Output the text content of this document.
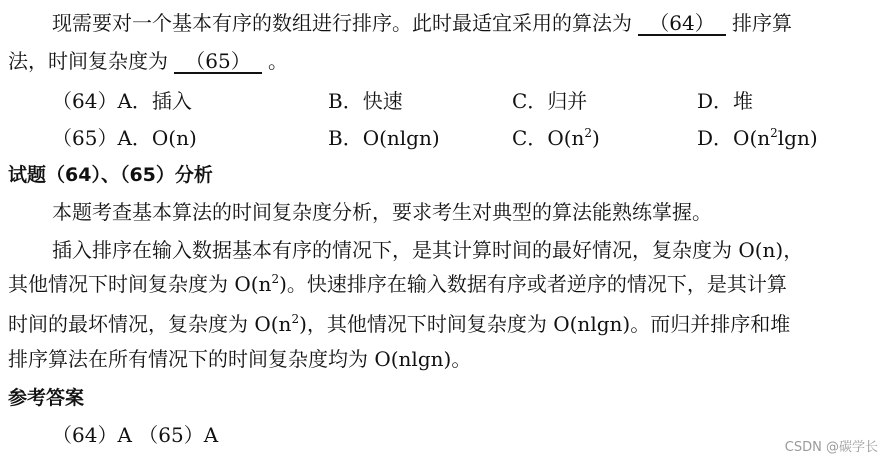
现需要对一个基本有序的数组进行排序。此时最适宜采用的算法为 （64） 排序算
法，时间复杂度为 （65） 。
（64）A．插入	B．快速	C．归并	D．堆
（65）A．O(n)	B．O(nlgn)	C．$O(n^2)$	D．$O(n^2\lg n)$
试题（64）、（65）分析
本题考查基本算法的时间复杂度分析，要求考生对典型的算法能熟练掌握。
插入排序在输入数据基本有序的情况下，是其计算时间的最好情况，复杂度为 O(n)，
其他情况下时间复杂度为 $O(n^2)$。快速排序在输入数据有序或者逆序的情况下，是其计算
时间的最坏情况，复杂度为 $O(n^2)$，其他情况下时间复杂度为 O(nlgn)。而归并排序和堆
排序算法在所有情况下的时间复杂度均为 O(nlgn)。
参考答案
（64）A （65）A
CSDN @碳学长
